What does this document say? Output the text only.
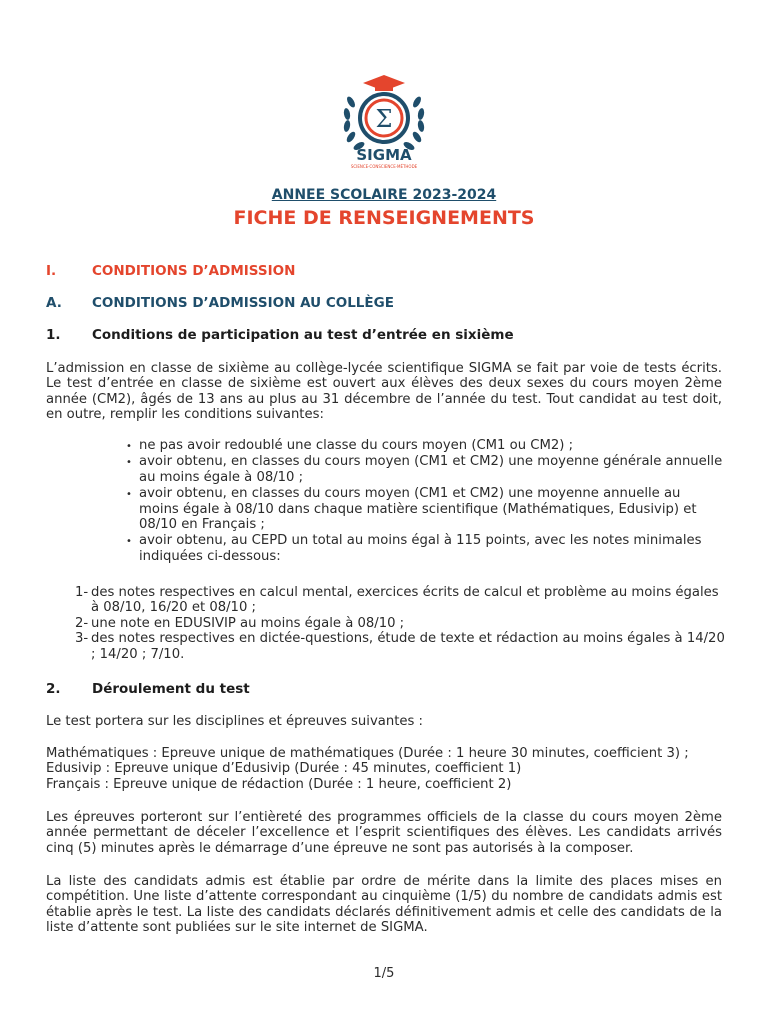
Σ
SIGMA
SCIENCE·CONSCIENCE·MÉTHODE
ANNEE SCOLAIRE 2023-2024
FICHE DE RENSEIGNEMENTS
I.	CONDITIONS D’ADMISSION
A. CONDITIONS D’ADMISSION AU COLLÈGE
1. Conditions de participation au test d’entrée en sixième
L’admission en classe de sixième au collège-lycée scientifique SIGMA se fait par voie de tests écrits. Le test d’entrée en classe de sixième est ouvert aux élèves des deux sexes du cours moyen 2ème année (CM2), âgés de 13 ans au plus au 31 décembre de l’année du test. Tout candidat au test doit, en outre, remplir les conditions suivantes:
• ne pas avoir redoublé une classe du cours moyen (CM1 ou CM2) ;
• avoir obtenu, en classes du cours moyen (CM1 et CM2) une moyenne générale annuelle au moins égale à 08/10 ;
• avoir obtenu, en classes du cours moyen (CM1 et CM2) une moyenne annuelle au moins égale à 08/10 dans chaque matière scientifique (Mathématiques, Edusivip) et 08/10 en Français ;
• avoir obtenu, au CEPD un total au moins égal à 115 points, avec les notes minimales indiquées ci-dessous:
1- des notes respectives en calcul mental, exercices écrits de calcul et problème au moins égales à 08/10, 16/20 et 08/10 ;
2- une note en EDUSIVIP au moins égale à 08/10 ;
3- des notes respectives en dictée-questions, étude de texte et rédaction au moins égales à 14/20 ; 14/20 ; 7/10.
2. Déroulement du test
Le test portera sur les disciplines et épreuves suivantes :
Mathématiques : Epreuve unique de mathématiques (Durée : 1 heure 30 minutes, coefficient 3) ;
Edusivip : Epreuve unique d’Edusivip (Durée : 45 minutes, coefficient 1)
Français : Epreuve unique de rédaction (Durée : 1 heure, coefficient 2)
Les épreuves porteront sur l’entièreté des programmes officiels de la classe du cours moyen 2ème année permettant de déceler l’excellence et l’esprit scientifiques des élèves. Les candidats arrivés cinq (5) minutes après le démarrage d’une épreuve ne sont pas autorisés à la composer.
La liste des candidats admis est établie par ordre de mérite dans la limite des places mises en compétition. Une liste d’attente correspondant au cinquième (1/5) du nombre de candidats admis est établie après le test. La liste des candidats déclarés définitivement admis et celle des candidats de la liste d’attente sont publiées sur le site internet de SIGMA.
1/5
